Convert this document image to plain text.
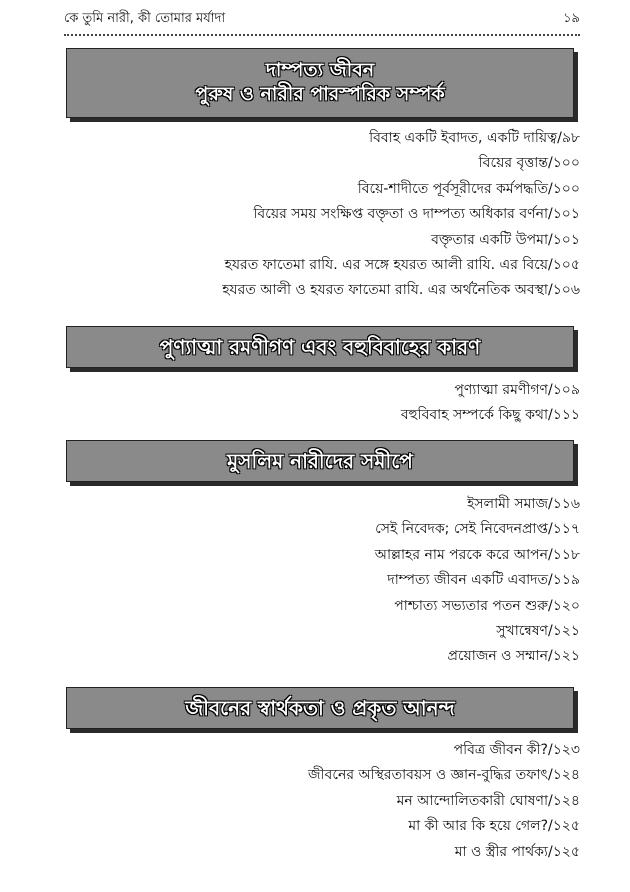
কে তুমি নারী, কী তোমার মর্যাদা	১৯
দাম্পত্য জীবন
পুরুষ ও নারীর পারস্পরিক সম্পর্ক
বিবাহ একটি ইবাদত, একটি দায়িত্ব/৯৮
বিয়ের বৃত্তান্ত/১০০
বিয়ে-শাদীতে পূর্বসূরীদের কর্মপদ্ধতি/১০০
বিয়ের সময় সংক্ষিপ্ত বক্তৃতা ও দাম্পত্য অধিকার বর্ণনা/১০১
বক্তৃতার একটি উপমা/১০১
হযরত ফাতেমা রাযি. এর সঙ্গে হযরত আলী রাযি. এর বিয়ে/১০৫
হযরত আলী ও হযরত ফাতেমা রাযি. এর অর্থনৈতিক অবস্থা/১০৬
পুণ্যাত্মা রমণীগণ এবং বহুবিবাহের কারণ
পুণ্যাত্মা রমণীগণ/১০৯
বহুবিবাহ সম্পর্কে কিছু কথা/১১১
মুসলিম নারীদের সমীপে
ইসলামী সমাজ/১১৬
সেই নিবেদক; সেই নিবেদনপ্রাপ্ত/১১৭
আল্লাহর নাম পরকে করে আপন/১১৮
দাম্পত্য জীবন একটি এবাদত/১১৯
পাশ্চাত্য সভ্যতার পতন শুরু/১২০
সুখান্বেষণ/১২১
প্রয়োজন ও সম্মান/১২১
জীবনের স্বার্থকতা ও প্রকৃত আনন্দ
পবিত্র জীবন কী?/১২৩
জীবনের অস্থিরতাবয়স ও জ্ঞান-বুদ্ধির তফাৎ/১২৪
মন আন্দোলিতকারী ঘোষণা/১২৪
মা কী আর কি হয়ে গেল?/১২৫
মা ও স্ত্রীর পার্থক্য/১২৫
